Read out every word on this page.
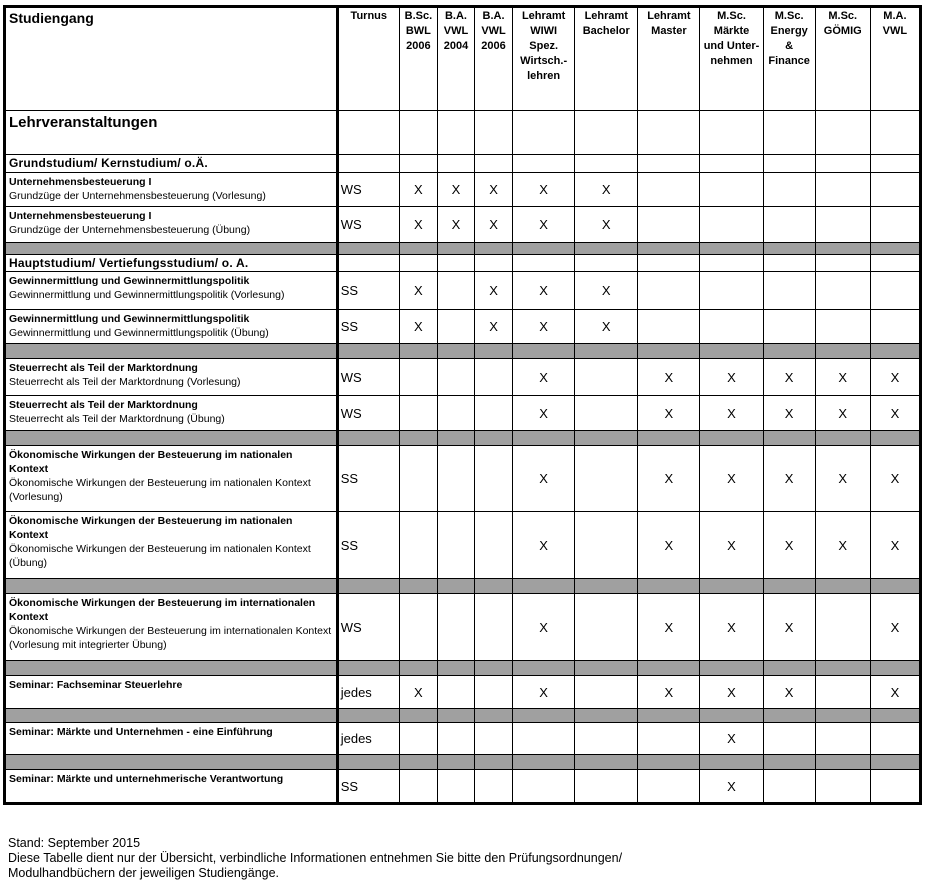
Studiengang	Turnus	B.Sc.
BWL
2006	B.A.
VWL
2004	B.A.
VWL
2006	Lehramt
WIWI
Spez.
Wirtsch.-
lehren	Lehramt
Bachelor	Lehramt
Master	M.Sc.
Märkte
und Unter-
nehmen	M.Sc.
Energy
&
Finance	M.Sc.
GÖMIG	M.A.
VWL

Lehrveranstaltungen											

Grundstudium/ Kernstudium/ o.Ä.											

Unternehmensbesteuerung I
Grundzüge der Unternehmensbesteuerung (Vorlesung)	WS	X	X	X	X	X					

Unternehmensbesteuerung I
Grundzüge der Unternehmensbesteuerung (Übung)	WS	X	X	X	X	X					

Hauptstudium/ Vertiefungsstudium/ o. A.											

Gewinnermittlung und Gewinnermittlungspolitik
Gewinnermittlung und Gewinnermittlungspolitik (Vorlesung)	SS	X		X	X	X					

Gewinnermittlung und Gewinnermittlungspolitik
Gewinnermittlung und Gewinnermittlungspolitik (Übung)	SS	X		X	X	X					

Steuerrecht als Teil der Marktordnung
Steuerrecht als Teil der Marktordnung (Vorlesung)	WS				X		X	X	X	X	X

Steuerrecht als Teil der Marktordnung
Steuerrecht als Teil der Marktordnung (Übung)	WS				X		X	X	X	X	X

Ökonomische Wirkungen der Besteuerung im nationalen Kontext
Ökonomische Wirkungen der Besteuerung im nationalen Kontext (Vorlesung)	SS				X		X	X	X	X	X

Ökonomische Wirkungen der Besteuerung im nationalen Kontext
Ökonomische Wirkungen der Besteuerung im nationalen Kontext (Übung)	SS				X		X	X	X	X	X

Ökonomische Wirkungen der Besteuerung im internationalen Kontext
Ökonomische Wirkungen der Besteuerung im internationalen Kontext (Vorlesung mit integrierter Übung)	WS				X		X	X	X		X

Seminar: Fachseminar Steuerlehre	jedes	X			X		X	X	X		X

Seminar: Märkte und Unternehmen - eine Einführung	jedes							X			

Seminar: Märkte und unternehmerische Verantwortung	SS							X			
Stand: September 2015
Diese Tabelle dient nur der Übersicht, verbindliche Informationen entnehmen Sie bitte den Prüfungsordnungen/
Modulhandbüchern der jeweiligen Studiengänge.
